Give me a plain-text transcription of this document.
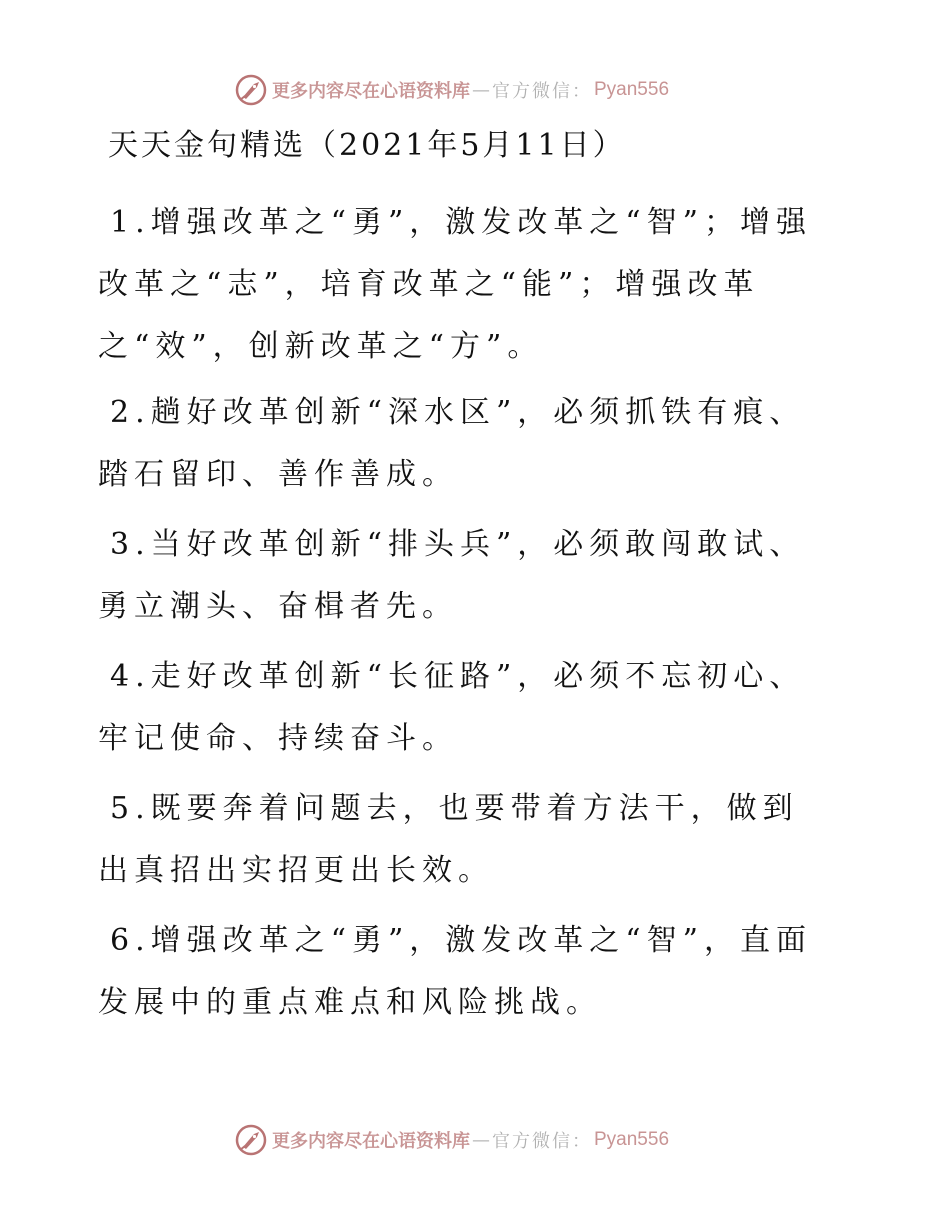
更多内容尽在心语资料库 — 官方微信： Pyan556
天天金句精选（2021年5月11日）
1.增强改革之“勇”，激发改革之“智”；增强改革之“志”，培育改革之“能”；增强改革之“效”，创新改革之“方”。
2.趟好改革创新“深水区”，必须抓铁有痕、踏石留印、善作善成。
3.当好改革创新“排头兵”，必须敢闯敢试、勇立潮头、奋楫者先。
4.走好改革创新“长征路”，必须不忘初心、牢记使命、持续奋斗。
5.既要奔着问题去，也要带着方法干，做到出真招出实招更出长效。
6.增强改革之“勇”，激发改革之“智”，直面发展中的重点难点和风险挑战。
更多内容尽在心语资料库 — 官方微信： Pyan556
